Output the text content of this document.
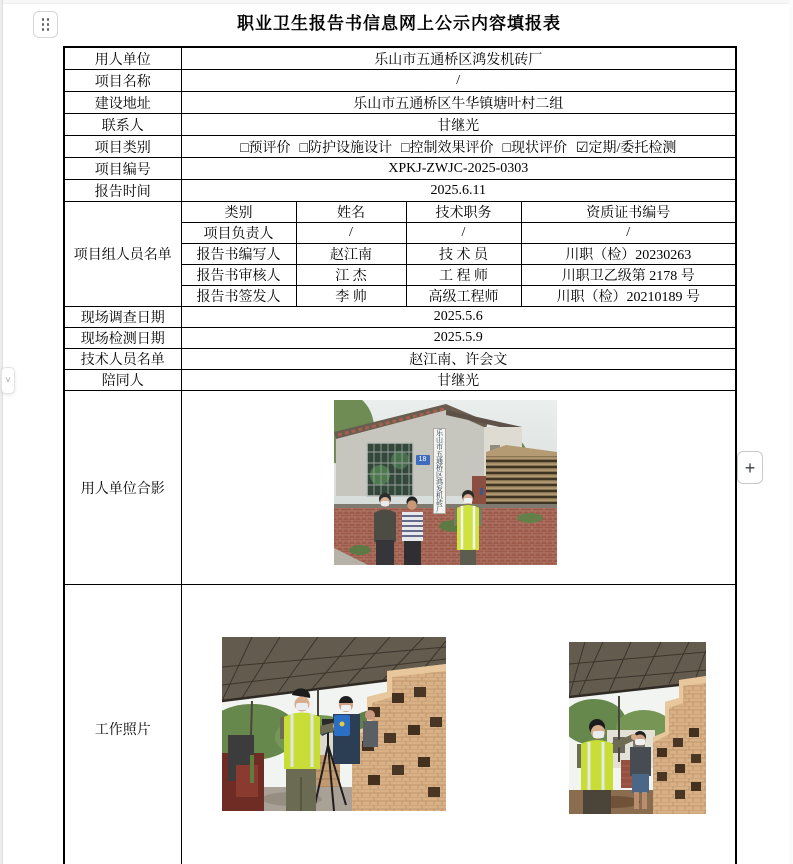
˅
+
职业卫生报告书信息网上公示内容填报表
用人单位	乐山市五通桥区鸿发机砖厂			
项目名称	/			
建设地址	乐山市五通桥区牛华镇塘叶村二组			
联系人	甘继光			
项目类别	□预评价 □防护设施设计 □控制效果评价 □现状评价 ☑定期/委托检测			

项目编号	XPKJ-ZWJC-2025-0303			
报告时间	2025.6.11			
项目组人员名单	类别	姓名	技术职务	资质证书编号
	项目负责人	/	/	/
	报告书编写人	赵江南	技 术 员	川职（检）20230263
	报告书审核人	江 杰	工 程 师	川职卫乙级第 2178 号
	报告书签发人	李 帅	高级工程师	川职（检）20210189 号
现场调查日期	2025.5.6			
现场检测日期	2025.5.9			
技术人员名单	赵江南、许会文			
陪同人	甘继光			
用人单位合影	乐山市五通桥区鸿发机砖厂
18			

工作照片	
